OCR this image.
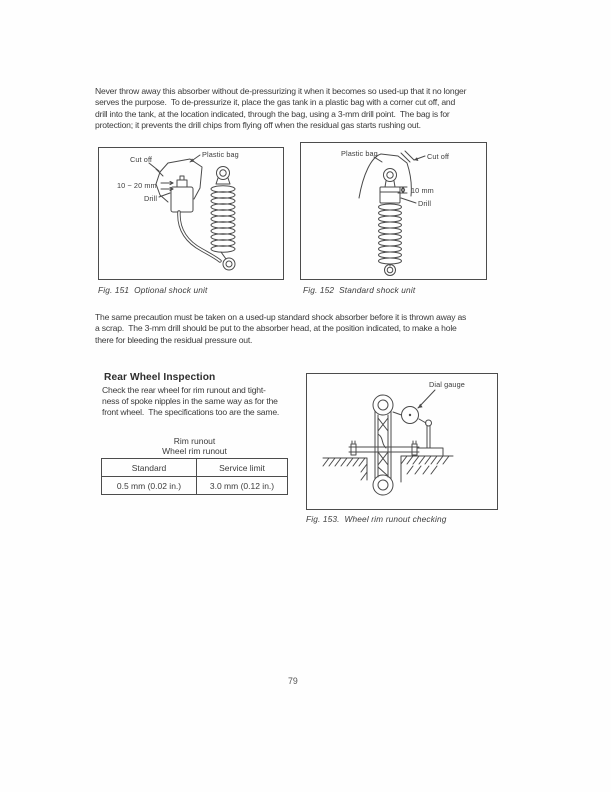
Never throw away this absorber without de-pressurizing it when it becomes so used-up that it no longer
serves the purpose.  To de-pressurize it, place the gas tank in a plastic bag with a corner cut off, and
drill into the tank, at the location indicated, through the bag, using a 3-mm drill point.  The bag is for
protection; it prevents the drill chips from flying off when the residual gas starts rushing out.
Cut off
Plastic bag
10 ~ 20 mm
Drill
Fig. 151  Optional shock unit
Plastic bag	Cut off
10 mm
Drill
Fig. 152  Standard shock unit
The same precaution must be taken on a used-up standard shock absorber before it is thrown away as
a scrap.  The 3-mm drill should be put to the absorber head, at the position indicated, to make a hole
there for bleeding the residual pressure out.
Rear Wheel Inspection
Check the rear wheel for rim runout and tight-
ness of spoke nipples in the same way as for the
front wheel.  The specifications too are the same.
Rim runout
Wheel rim runout
Standard	Service limit
0.5 mm (0.02 in.)	3.0 mm (0.12 in.)
Dial gauge
Fig. 153.  Wheel rim runout checking
79
